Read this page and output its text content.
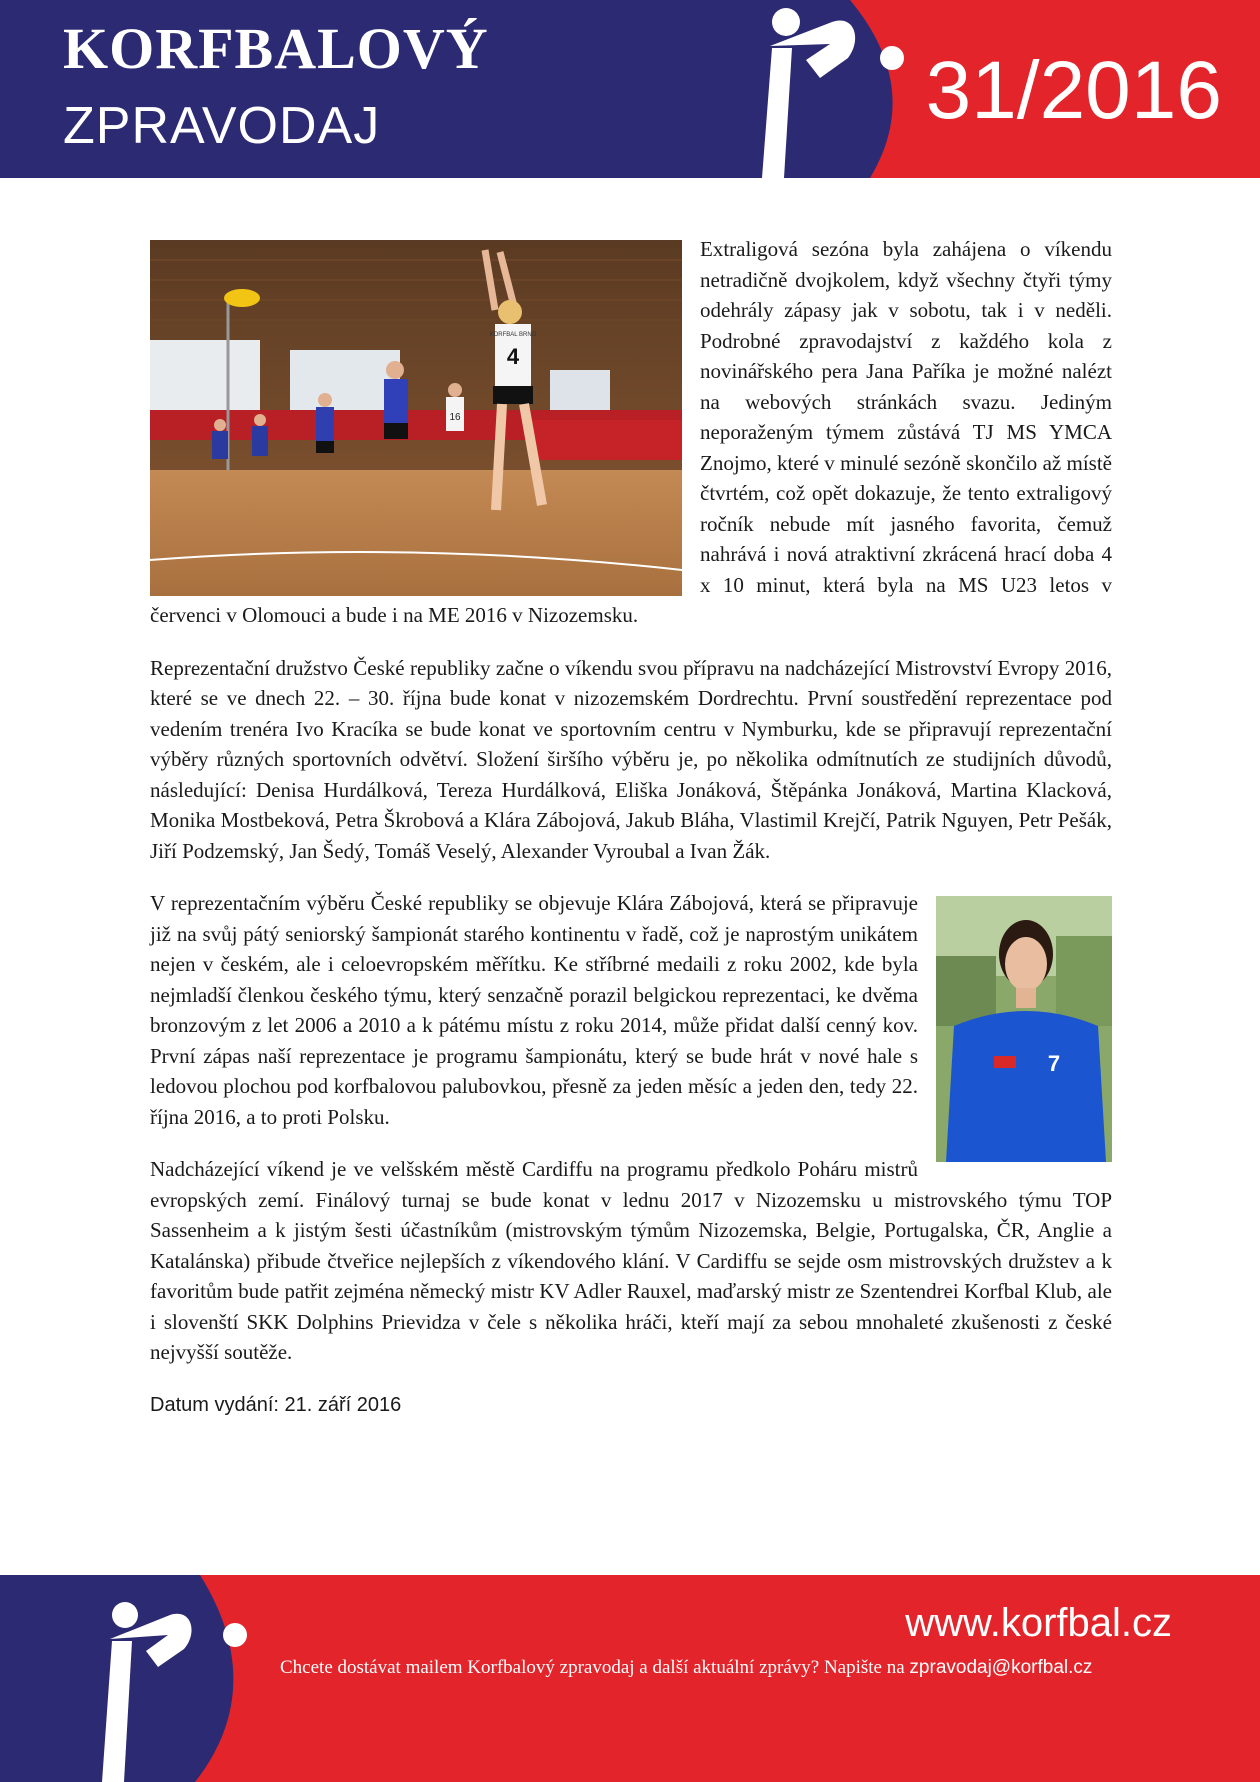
KORFBALOVÝ
ZPRAVODAJ	31/2016
16
KORFBAL BRNO
4

Extraligová sezóna byla zahájena o víkendu netradičně dvojkolem, když všechny čtyři týmy odehrály zápasy jak v sobotu, tak i v neděli. Podrobné zpravodajství z každého kola z novinářského pera Jana Paříka je možné nalézt na webových stránkách svazu. Jediným neporaženým týmem zůstává TJ MS YMCA Znojmo, které v minulé sezóně skončilo až místě čtvrtém, což opět dokazuje, že tento extraligový ročník nebude mít jasného favorita, čemuž nahrává i nová atraktivní zkrácená hrací doba 4 x 10 minut, která byla na MS U23 letos v červenci v Olomouci a bude i na ME 2016 v Nizozemsku.

Reprezentační družstvo České republiky začne o víkendu svou přípravu na nadcházející Mistrovství Evropy 2016, které se ve dnech 22. – 30. října bude konat v nizozemském Dordrechtu. První soustředění reprezentace pod vedením trenéra Ivo Kracíka se bude konat ve sportovním centru v Nymburku, kde se připravují reprezentační výběry různých sportovních odvětví. Složení širšího výběru je, po několika odmítnutích ze studijních důvodů, následující: Denisa Hurdálková, Tereza Hurdálková, Eliška Jonáková, Štěpánka Jonáková, Martina Klacková, Monika Mostbeková, Petra Škrobová a Klára Zábojová, Jakub Bláha, Vlastimil Krejčí, Patrik Nguyen, Petr Pešák, Jiří Podzemský, Jan Šedý, Tomáš Veselý, Alexander Vyroubal a Ivan Žák.

7

V reprezentačním výběru České republiky se objevuje Klára Zábojová, která se připravuje již na svůj pátý seniorský šampionát starého kontinentu v řadě, což je naprostým unikátem nejen v českém, ale i celoevropském měřítku. Ke stříbrné medaili z roku 2002, kde byla nejmladší členkou českého týmu, který senzačně porazil belgickou reprezentaci, ke dvěma bronzovým z let 2006 a 2010 a k pátému místu z roku 2014, může přidat další cenný kov. První zápas naší reprezentace je programu šampionátu, který se bude hrát v nové hale s ledovou plochou pod korfbalovou palubovkou, přesně za jeden měsíc a jeden den, tedy 22. října 2016, a to proti Polsku.

Nadcházející víkend je ve velšském městě Cardiffu na programu předkolo Poháru mistrů evropských zemí. Finálový turnaj se bude konat v lednu 2017 v Nizozemsku u mistrovského týmu TOP Sassenheim a k jistým šesti účastníkům (mistrovským týmům Nizozemska, Belgie, Portugalska, ČR, Anglie a Katalánska) přibude čtveřice nejlepších z víkendového klání. V Cardiffu se sejde osm mistrovských družstev a k favoritům bude patřit zejména německý mistr KV Adler Rauxel, maďarský mistr ze Szentendrei Korfbal Klub, ale i slovenští SKK Dolphins Prievidza v čele s několika hráči, kteří mají za sebou mnohaleté zkušenosti z české nejvyšší soutěže.

Datum vydání: 21. září 2016

www.korfbal.cz
Chcete dostávat mailem Korfbalový zpravodaj a další aktuální zprávy? Napište na zpravodaj@korfbal.cz
